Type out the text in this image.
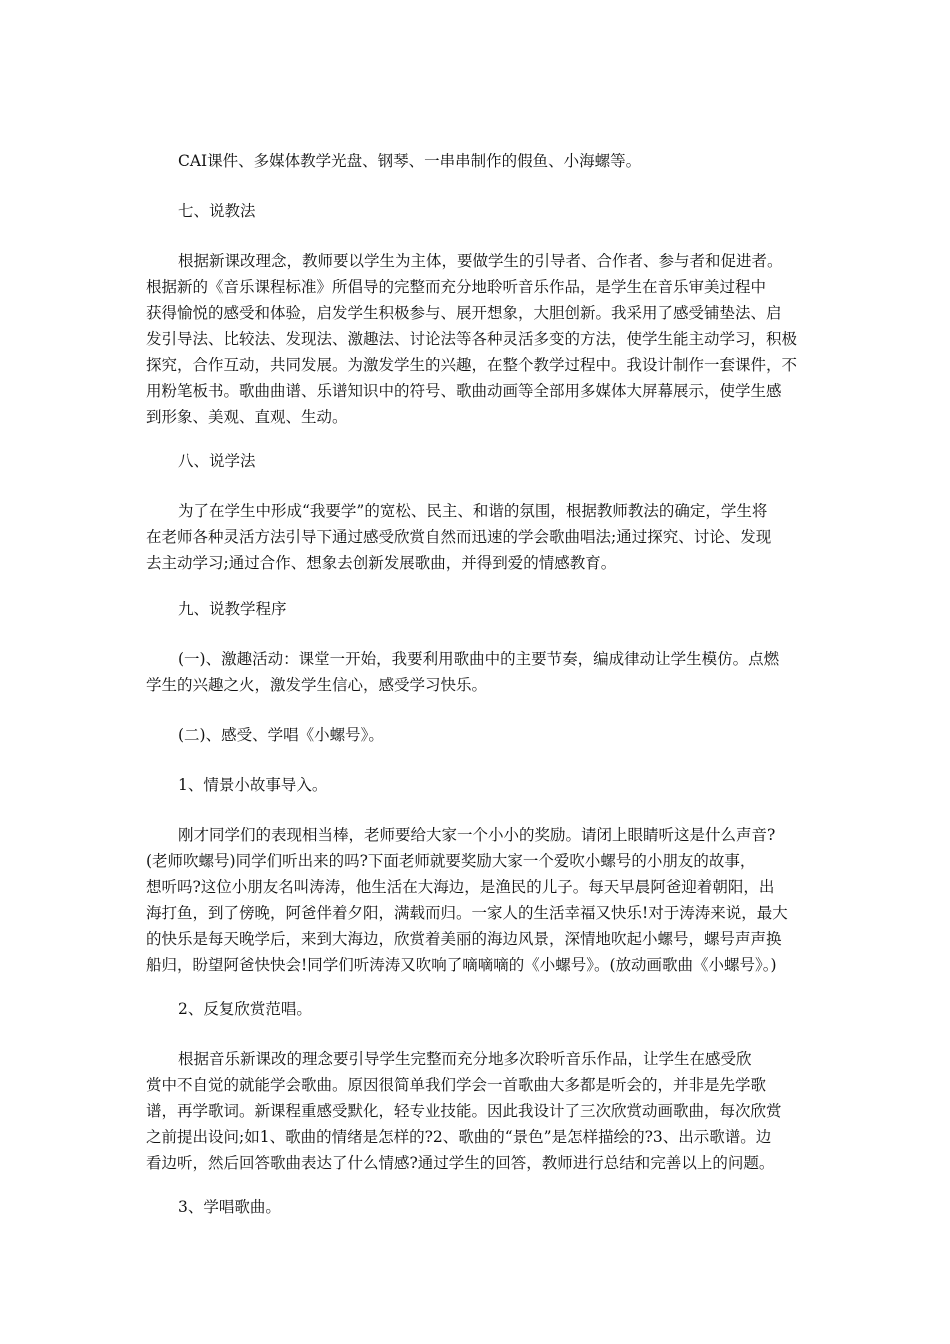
CAI课件、多媒体教学光盘、钢琴、一串串制作的假鱼、小海螺等。
七、说教法
根据新课改理念，教师要以学生为主体，要做学生的引导者、合作者、参与者和促进者。
根据新的《音乐课程标准》所倡导的完整而充分地聆听音乐作品，是学生在音乐审美过程中
获得愉悦的感受和体验，启发学生积极参与、展开想象，大胆创新。我采用了感受铺垫法、启
发引导法、比较法、发现法、激趣法、讨论法等各种灵活多变的方法，使学生能主动学习，积极
探究，合作互动，共同发展。为激发学生的兴趣，在整个教学过程中。我设计制作一套课件，不
用粉笔板书。歌曲曲谱、乐谱知识中的符号、歌曲动画等全部用多媒体大屏幕展示，使学生感
到形象、美观、直观、生动。
八、说学法
为了在学生中形成“我要学”的宽松、民主、和谐的氛围，根据教师教法的确定，学生将
在老师各种灵活方法引导下通过感受欣赏自然而迅速的学会歌曲唱法;通过探究、讨论、发现
去主动学习;通过合作、想象去创新发展歌曲，并得到爱的情感教育。
九、说教学程序
(一)、激趣活动：课堂一开始，我要利用歌曲中的主要节奏，编成律动让学生模仿。点燃
学生的兴趣之火，激发学生信心，感受学习快乐。
(二)、感受、学唱《小螺号》。
1、情景小故事导入。
刚才同学们的表现相当棒，老师要给大家一个小小的奖励。请闭上眼睛听这是什么声音?
(老师吹螺号)同学们听出来的吗?下面老师就要奖励大家一个爱吹小螺号的小朋友的故事，
想听吗?这位小朋友名叫涛涛，他生活在大海边，是渔民的儿子。每天早晨阿爸迎着朝阳，出
海打鱼，到了傍晚，阿爸伴着夕阳，满载而归。一家人的生活幸福又快乐!对于涛涛来说，最大
的快乐是每天晚学后，来到大海边，欣赏着美丽的海边风景，深情地吹起小螺号，螺号声声换
船归，盼望阿爸快快会!同学们听涛涛又吹响了嘀嘀嘀的《小螺号》。(放动画歌曲《小螺号》。)
2、反复欣赏范唱。
根据音乐新课改的理念要引导学生完整而充分地多次聆听音乐作品，让学生在感受欣
赏中不自觉的就能学会歌曲。原因很简单我们学会一首歌曲大多都是听会的，并非是先学歌
谱，再学歌词。新课程重感受默化，轻专业技能。因此我设计了三次欣赏动画歌曲，每次欣赏
之前提出设问;如1、歌曲的情绪是怎样的?2、歌曲的“景色”是怎样描绘的?3、出示歌谱。边
看边听，然后回答歌曲表达了什么情感?通过学生的回答，教师进行总结和完善以上的问题。
3、学唱歌曲。
